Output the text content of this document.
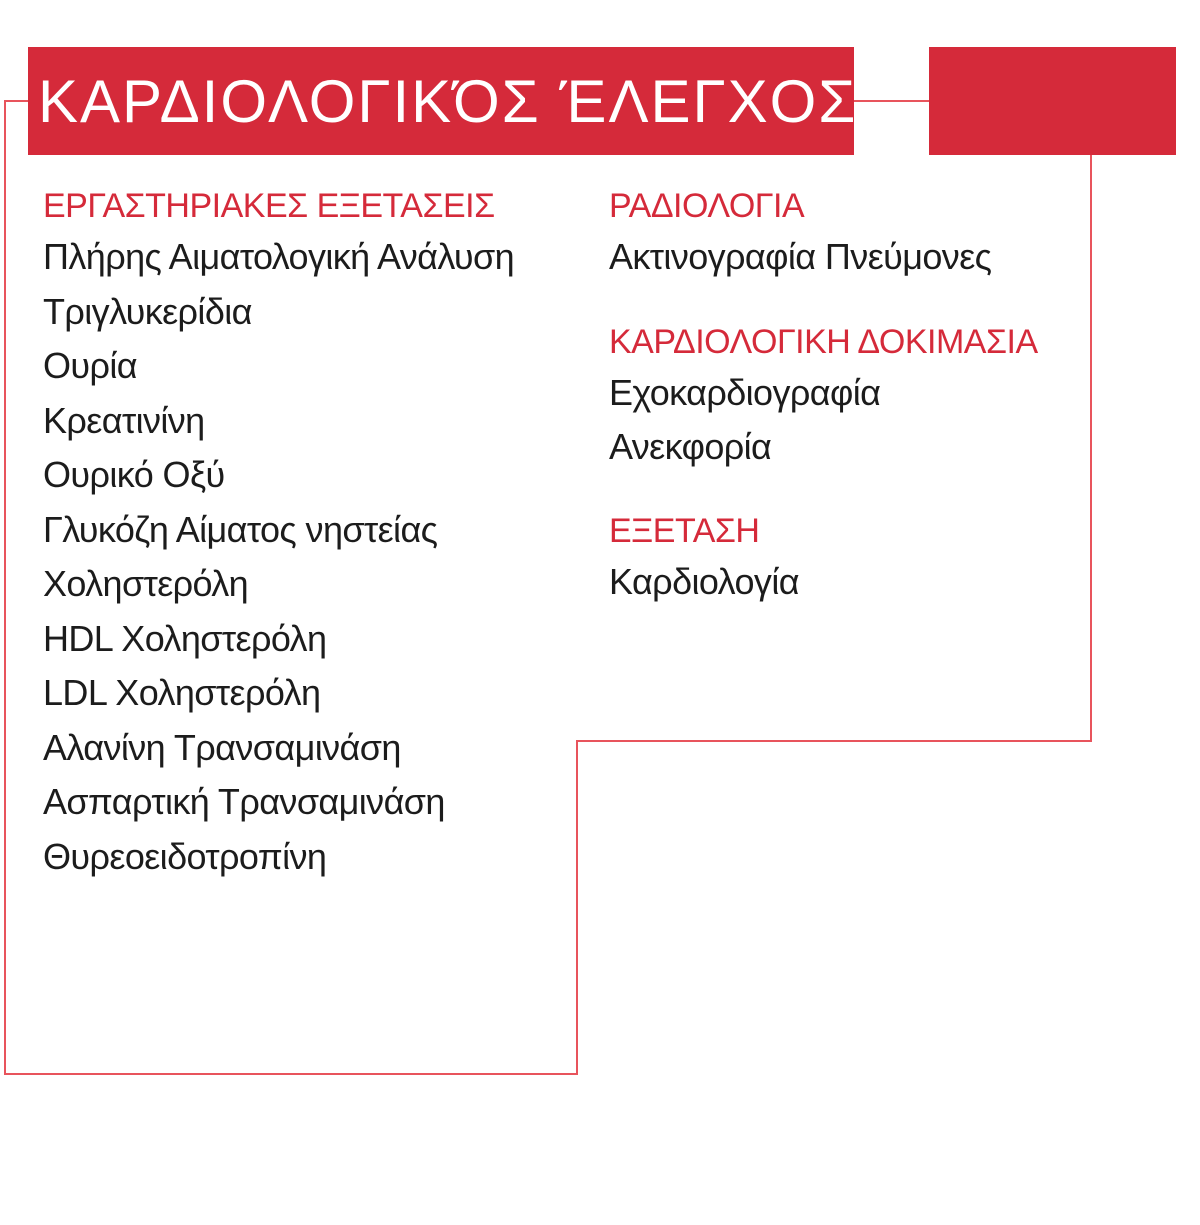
ΚΑΡΔΙΟΛΟΓΙΚΌΣ ΈΛΕΓΧΟΣ
ΕΡΓΑΣΤΗΡΙΑΚΕΣ ΕΞΕΤΑΣΕΙΣ
Πλήρης Αιματολογική Ανάλυση
Τριγλυκερίδια
Ουρία
Κρεατινίνη
Ουρικό Οξύ
Γλυκόζη Αίματος νηστείας
Χοληστερόλη
HDL Χοληστερόλη
LDL Χοληστερόλη
Αλανίνη Τρανσαμινάση
Ασπαρτική Τρανσαμινάση
Θυρεοειδοτροπίνη
ΡΑΔΙΟΛΟΓΙΑ
Ακτινογραφία Πνεύμονες
ΚΑΡΔΙΟΛΟΓΙΚΗ ΔΟΚΙΜΑΣΙΑ
Εχοκαρδιογραφία
Ανεκφορία
ΕΞΕΤΑΣΗ
Καρδιολογία
